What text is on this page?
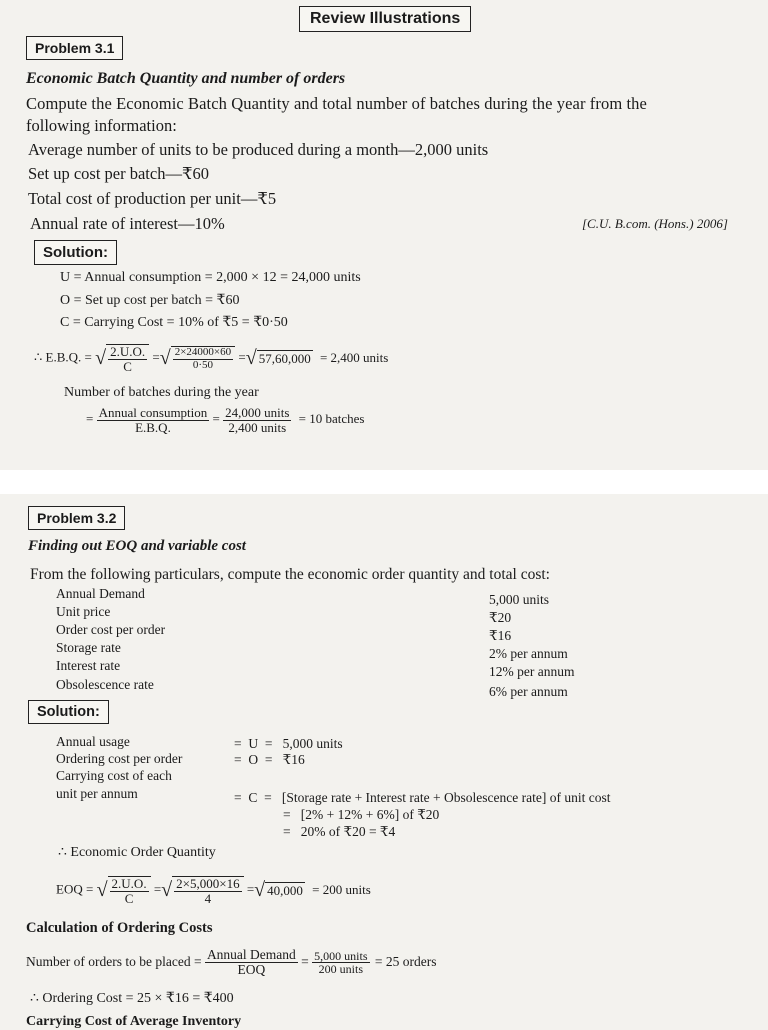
Review Illustrations
Problem 3.1
Economic Batch Quantity and number of orders
Compute the Economic Batch Quantity and total number of batches during the year from the
following information:
Average number of units to be produced during a month—2,000 units
Set up cost per batch—₹60
Total cost of production per unit—₹5
Annual rate of interest—10%	[C.U. B.com. (Hons.) 2006]
Solution:
U = Annual consumption = 2,000 × 12 = 24,000 units
O = Set up cost per batch = ₹60
C = Carrying Cost = 10% of ₹5 = ₹0·50
∴ E.B.Q. = √ $\frac{2.U.O.}{C}$ =√ $\frac{2\times 24000\times 60}{0\cdot 50}$ =√ 57,60,000 = 2,400 units
Number of batches during the year
= $\frac{\text{Annual consumption}}{E.B.Q.} = \frac{\text{24,000 units}}{\text{2,400 units}} = 10$ batches
Problem 3.2
Finding out EOQ and variable cost
From the following particulars, compute the economic order quantity and total cost:
Annual Demand	5,000 units
Unit price	₹20
Order cost per order	₹16
Storage rate	2% per annum
Interest rate	12% per annum
Obsolescence rate	6% per annum
Solution:
Annual usage	=  U  =   5,000 units
Ordering cost per order	=  O  =   ₹16
Carrying cost of each
unit per annum	=  C  =   [Storage rate + Interest rate + Obsolescence rate] of unit cost
=   [2% + 12% + 6%] of ₹20
=   20% of ₹20 = ₹4
∴ Economic Order Quantity
EOQ = √ $\frac{2.U.O.}{C}$ =√ $\frac{2\times 5,000\times 16}{4}$ =√ 40,000 = 200 units
Calculation of Ordering Costs
Number of orders to be placed = $\frac{\text{Annual Demand}}{\text{EOQ}} = \frac{\text{5,000 units}}{\text{200 units}} = 25$ orders
∴ Ordering Cost = 25 × ₹16 = ₹400
Carrying Cost of Average Inventory
